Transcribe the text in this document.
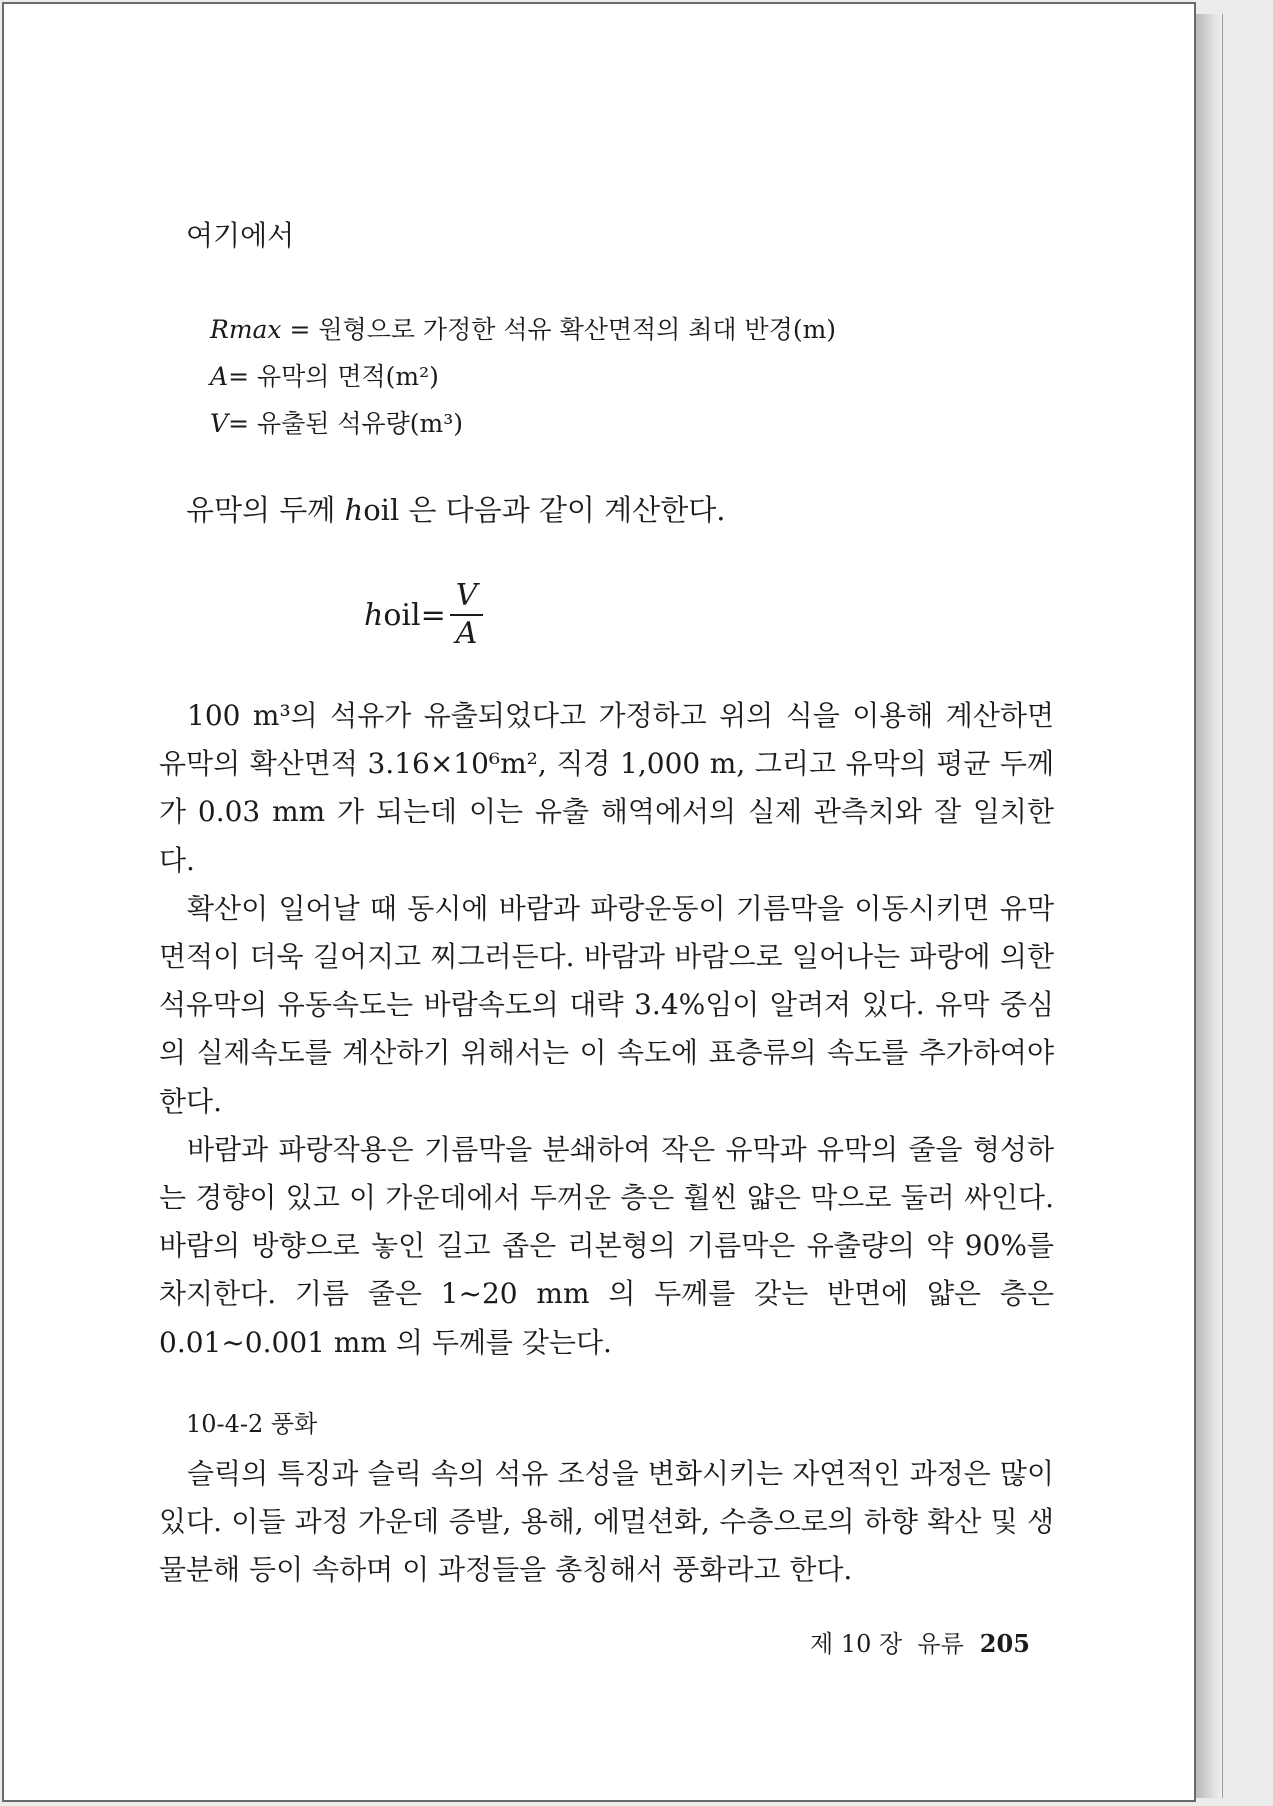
여기에서
Rmax = 원형으로 가정한 석유 확산면적의 최대 반경(m)
A= 유막의 면적(m²)
V= 유출된 석유량(m³)
유막의 두께 hoil 은 다음과 같이 계산한다.
h $oil= \frac{V}{A}$

100 m³의 석유가 유출되었다고 가정하고 위의 식을 이용해 계산하면 유막의 확산면적 3.16×10⁶m², 직경 1,000 m, 그리고 유막의 평균 두께가 0.03 mm 가 되는데 이는 유출 해역에서의 실제 관측치와 잘 일치한다.

확산이 일어날 때 동시에 바람과 파랑운동이 기름막을 이동시키면 유막 면적이 더욱 길어지고 찌그러든다. 바람과 바람으로 일어나는 파랑에 의한 석유막의 유동속도는 바람속도의 대략 3.4%임이 알려져 있다. 유막 중심의 실제속도를 계산하기 위해서는 이 속도에 표층류의 속도를 추가하여야 한다.

바람과 파랑작용은 기름막을 분쇄하여 작은 유막과 유막의 줄을 형성하는 경향이 있고 이 가운데에서 두꺼운 층은 훨씬 얇은 막으로 둘러 싸인다. 바람의 방향으로 놓인 길고 좁은 리본형의 기름막은 유출량의 약 90%를 차지한다. 기름 줄은 1~20 mm 의 두께를 갖는 반면에 얇은 층은 0.01~0.001 mm 의 두께를 갖는다.

10-4-2 풍화

슬릭의 특징과 슬릭 속의 석유 조성을 변화시키는 자연적인 과정은 많이 있다. 이들 과정 가운데 증발, 용해, 에멀션화, 수층으로의 하향 확산 및 생물분해 등이 속하며 이 과정들을 총칭해서 풍화라고 한다.

제 10 장  유류 205
